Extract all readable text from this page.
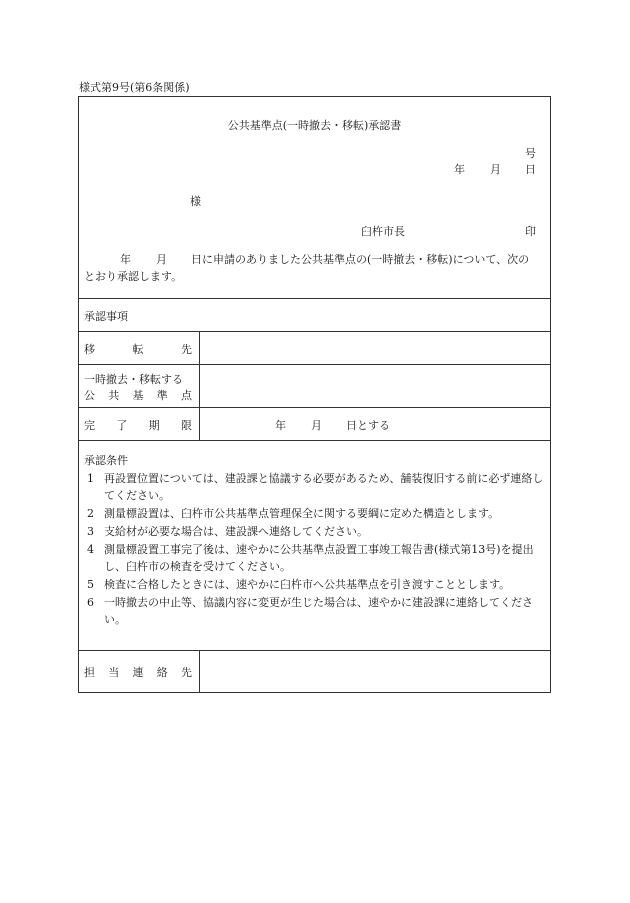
様式第9号(第6条関係)
公共基準点(一時撤去・移転)承認書
号
年 月 日
様
臼杵市長	印
年 月 日に申請のありました公共基準点の(一時撤去・移転)について、次の
とおり承認します。
承認事項
移	転	先
一時撤去・移転する
公 共 基 準 点
完 了 期 限	年 月 日とする
承認条件
1 再設置位置については、建設課と協議する必要があるため、舗装復旧する前に必ず連絡してください。
2 測量標設置は、臼杵市公共基準点管理保全に関する要綱に定めた構造とします。
3 支給材が必要な場合は、建設課へ連絡してください。
4 測量標設置工事完了後は、速やかに公共基準点設置工事竣工報告書(様式第13号)を提出し、臼杵市の検査を受けてください。
5 検査に合格したときには、速やかに臼杵市へ公共基準点を引き渡すこととします。
6 一時撤去の中止等、協議内容に変更が生じた場合は、速やかに建設課に連絡してください。
担 当 連 絡 先
